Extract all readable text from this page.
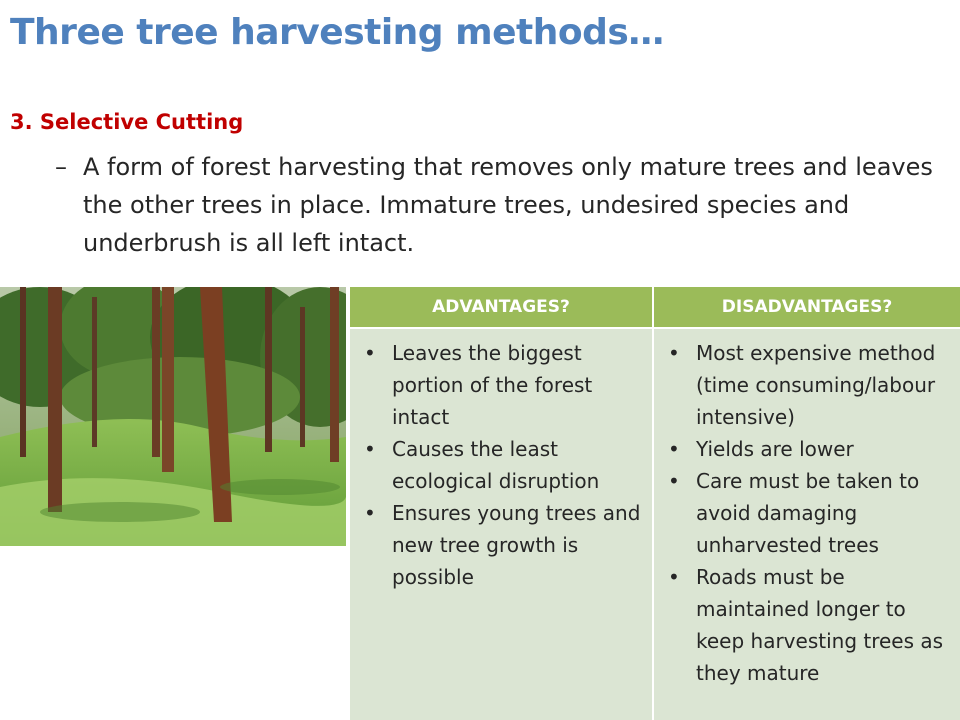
Three tree harvesting methods…
3. Selective Cutting
– A form of forest harvesting that removes only mature trees and leaves the other trees in place. Immature trees, undesired species and underbrush is all left intact.
ADVANTAGES?	DISADVANTAGES?
• Leaves the biggest portion of the forest intact
• Causes the least ecological disruption
• Ensures young trees and new tree growth is possible
• Most expensive method (time consuming/labour intensive)
• Yields are lower
• Care must be taken to avoid damaging unharvested trees
• Roads must be maintained longer to keep harvesting trees as they mature
